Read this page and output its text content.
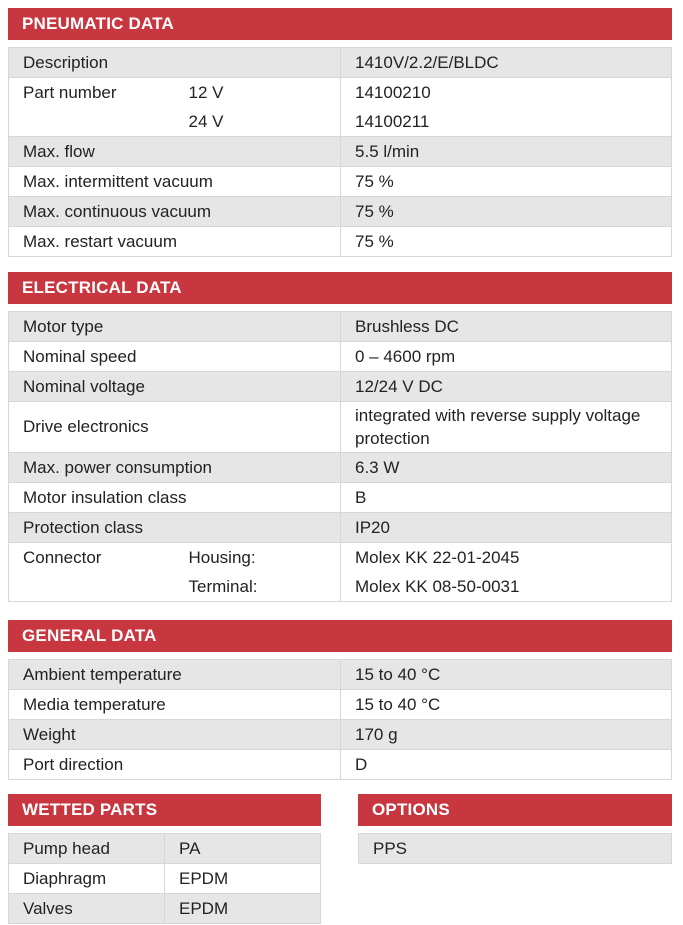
PNEUMATIC DATA
Description		1410V/2.2/E/BLDC
Part number	12 V	14100210
	24 V	14100211
Max. flow		5.5 l/min
Max. intermittent vacuum		75 %
Max. continuous vacuum		75 %
Max. restart vacuum		75 %
ELECTRICAL DATA
Motor type		Brushless DC
Nominal speed		0 – 4600 rpm
Nominal voltage		12/24 V DC
Drive electronics		integrated with reverse supply voltage protection
Max. power consumption		6.3 W
Motor insulation class		B
Protection class		IP20
Connector	Housing:	Molex KK 22-01-2045
	Terminal:	Molex KK 08-50-0031
GENERAL DATA
Ambient temperature	15 to 40 °C
Media temperature	15 to 40 °C
Weight	170 g
Port direction	D
WETTED PARTS
Pump head	PA
Diaphragm	EPDM
Valves	EPDM
OPTIONS
PPS
